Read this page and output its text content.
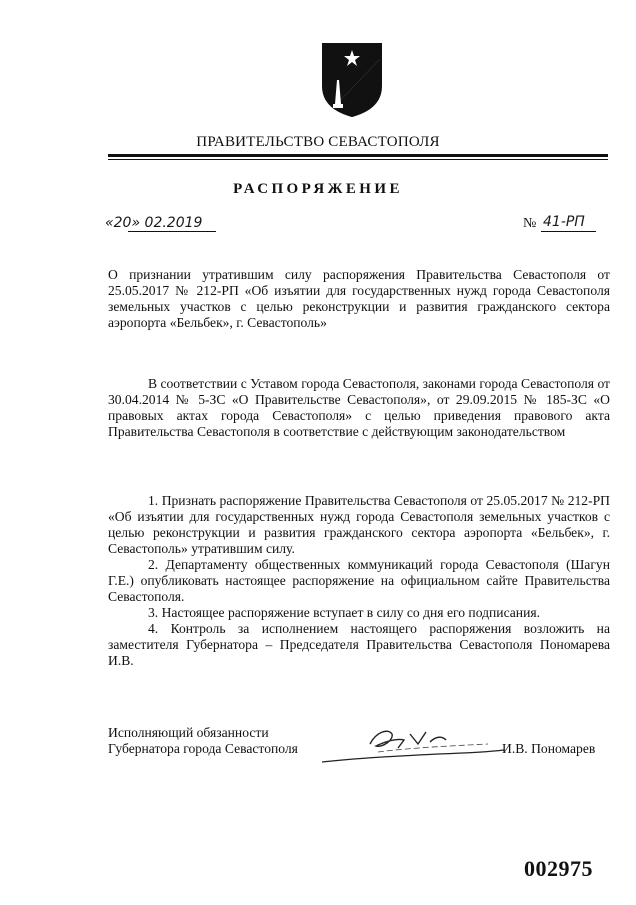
ПРАВИТЕЛЬСТВО СЕВАСТОПОЛЯ
РАСПОРЯЖЕНИЕ
«20» 02.2019	№ 41-РП
О признании утратившим силу распоряжения Правительства Севастополя от 25.05.2017 № 212-РП «Об изъятии для государственных нужд города Севастополя земельных участков с целью реконструкции и развития гражданского сектора аэропорта «Бельбек», г. Севастополь»
В соответствии с Уставом города Севастополя, законами города Севастополя от 30.04.2014 № 5-ЗС «О Правительстве Севастополя», от 29.09.2015 № 185-ЗС «О правовых актах города Севастополя» с целью приведения правового акта Правительства Севастополя в соответствие с действующим законодательством
1. Признать распоряжение Правительства Севастополя от 25.05.2017 № 212-РП «Об изъятии для государственных нужд города Севастополя земельных участков с целью реконструкции и развития гражданского сектора аэропорта «Бельбек», г. Севастополь» утратившим силу.
2. Департаменту общественных коммуникаций города Севастополя (Шагун Г.Е.) опубликовать настоящее распоряжение на официальном сайте Правительства Севастополя.
3. Настоящее распоряжение вступает в силу со дня его подписания.
4. Контроль за исполнением настоящего распоряжения возложить на заместителя Губернатора – Председателя Правительства Севастополя Пономарева И.В.
Исполняющий обязанности
Губернатора города Севастополя	И.В. Пономарев
002975
